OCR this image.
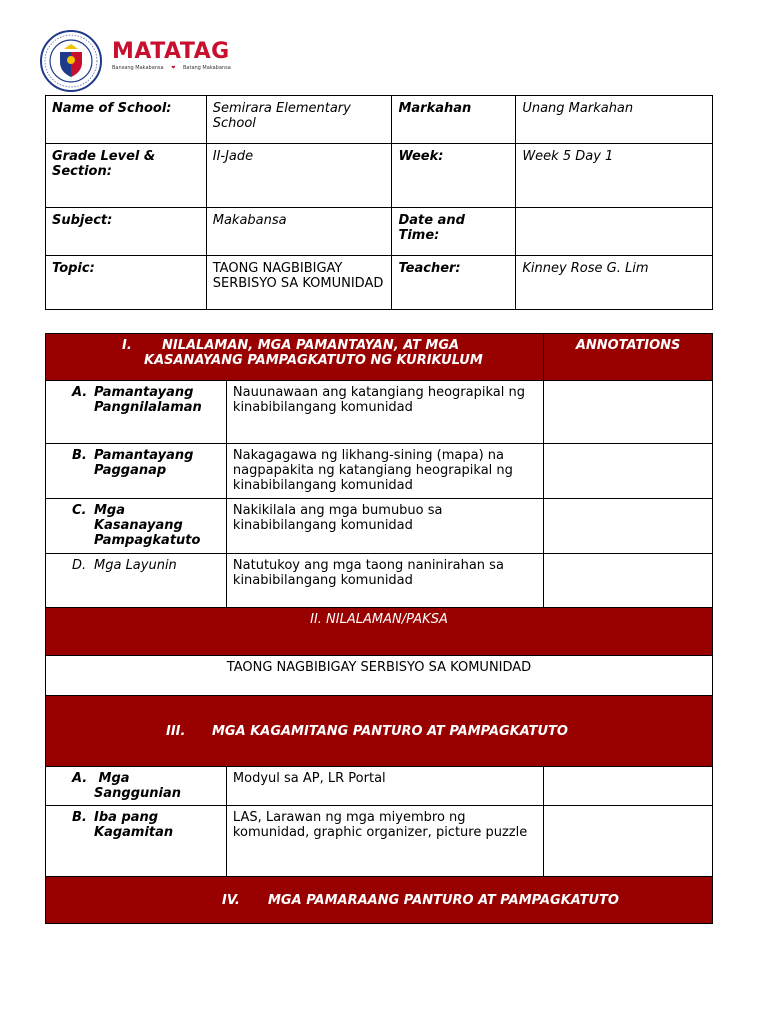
MATATAG
Bansang Makabansa ❤ Batang Makabansa
Name of School:	Semirara Elementary School	Markahan	Unang Markahan
Grade Level & Section:	II-Jade	Week:	Week 5 Day 1
Subject:	Makabansa	Date and Time:	
Topic:	TAONG NAGBIBIGAY SERBISYO SA KOMUNIDAD	Teacher:	Kinney Rose G. Lim
I. NILALAMAN, MGA PAMANTAYAN, AT MGA
KASANAYANG PAMPAGKATUTO NG KURIKULUM		ANNOTATIONS
A. Pamantayang
Pangnilalaman	Nauunawaan ang katangiang heograpikal ng kinabibilangang komunidad	
B. Pamantayang
Pagganap	Nakagagawa ng likhang-sining (mapa) na nagpapakita ng katangiang heograpikal ng kinabibilangang komunidad	
C. Mga
Kasanayang
Pampagkatuto	Nakikilala ang mga bumubuo sa kinabibilangang komunidad	
D. Mga Layunin	Natutukoy ang mga taong naninirahan sa kinabibilangang komunidad	
II. NILALAMAN/PAKSA		
TAONG NAGBIBIGAY SERBISYO SA KOMUNIDAD		
III. MGA KAGAMITANG PANTURO AT PAMPAGKATUTO		
A. Mga
Sanggunian	Modyul sa AP, LR Portal	
B. Iba pang
Kagamitan	LAS, Larawan ng mga miyembro ng komunidad, graphic organizer, picture puzzle	
IV. MGA PAMARAANG PANTURO AT PAMPAGKATUTO		
